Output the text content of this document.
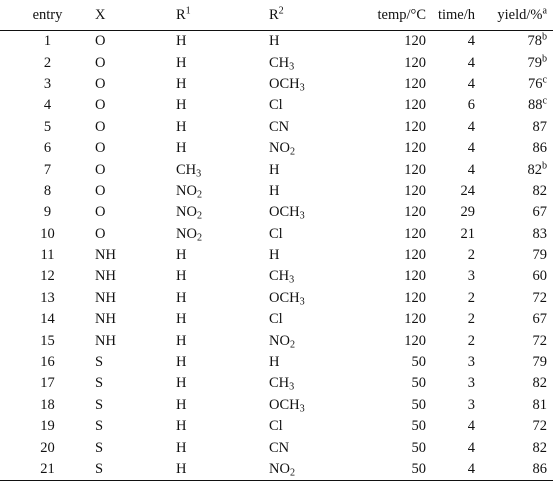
entry	X	$R^1$	$R^2$	temp/°C	time/h	yield/%$^a$
1	O	H	H	120	4	78$^b$
2	O	H	$CH_3$	120	4	79$^b$
3	O	H	$OCH_3$	120	4	76$^c$
4	O	H	Cl	120	6	88$^c$
5	O	H	CN	120	4	87
6	O	H	$NO_2$	120	4	86
7	O	$CH_3$	H	120	4	82$^b$
8	O	$NO_2$	H	120	24	82
9	O	$NO_2$	$OCH_3$	120	29	67
10	O	$NO_2$	Cl	120	21	83
11	NH	H	H	120	2	79
12	NH	H	$CH_3$	120	3	60
13	NH	H	$OCH_3$	120	2	72
14	NH	H	Cl	120	2	67
15	NH	H	$NO_2$	120	2	72
16	S	H	H	50	3	79
17	S	H	$CH_3$	50	3	82
18	S	H	$OCH_3$	50	3	81
19	S	H	Cl	50	4	72
20	S	H	CN	50	4	82
21	S	H	$NO_2$	50	4	86
